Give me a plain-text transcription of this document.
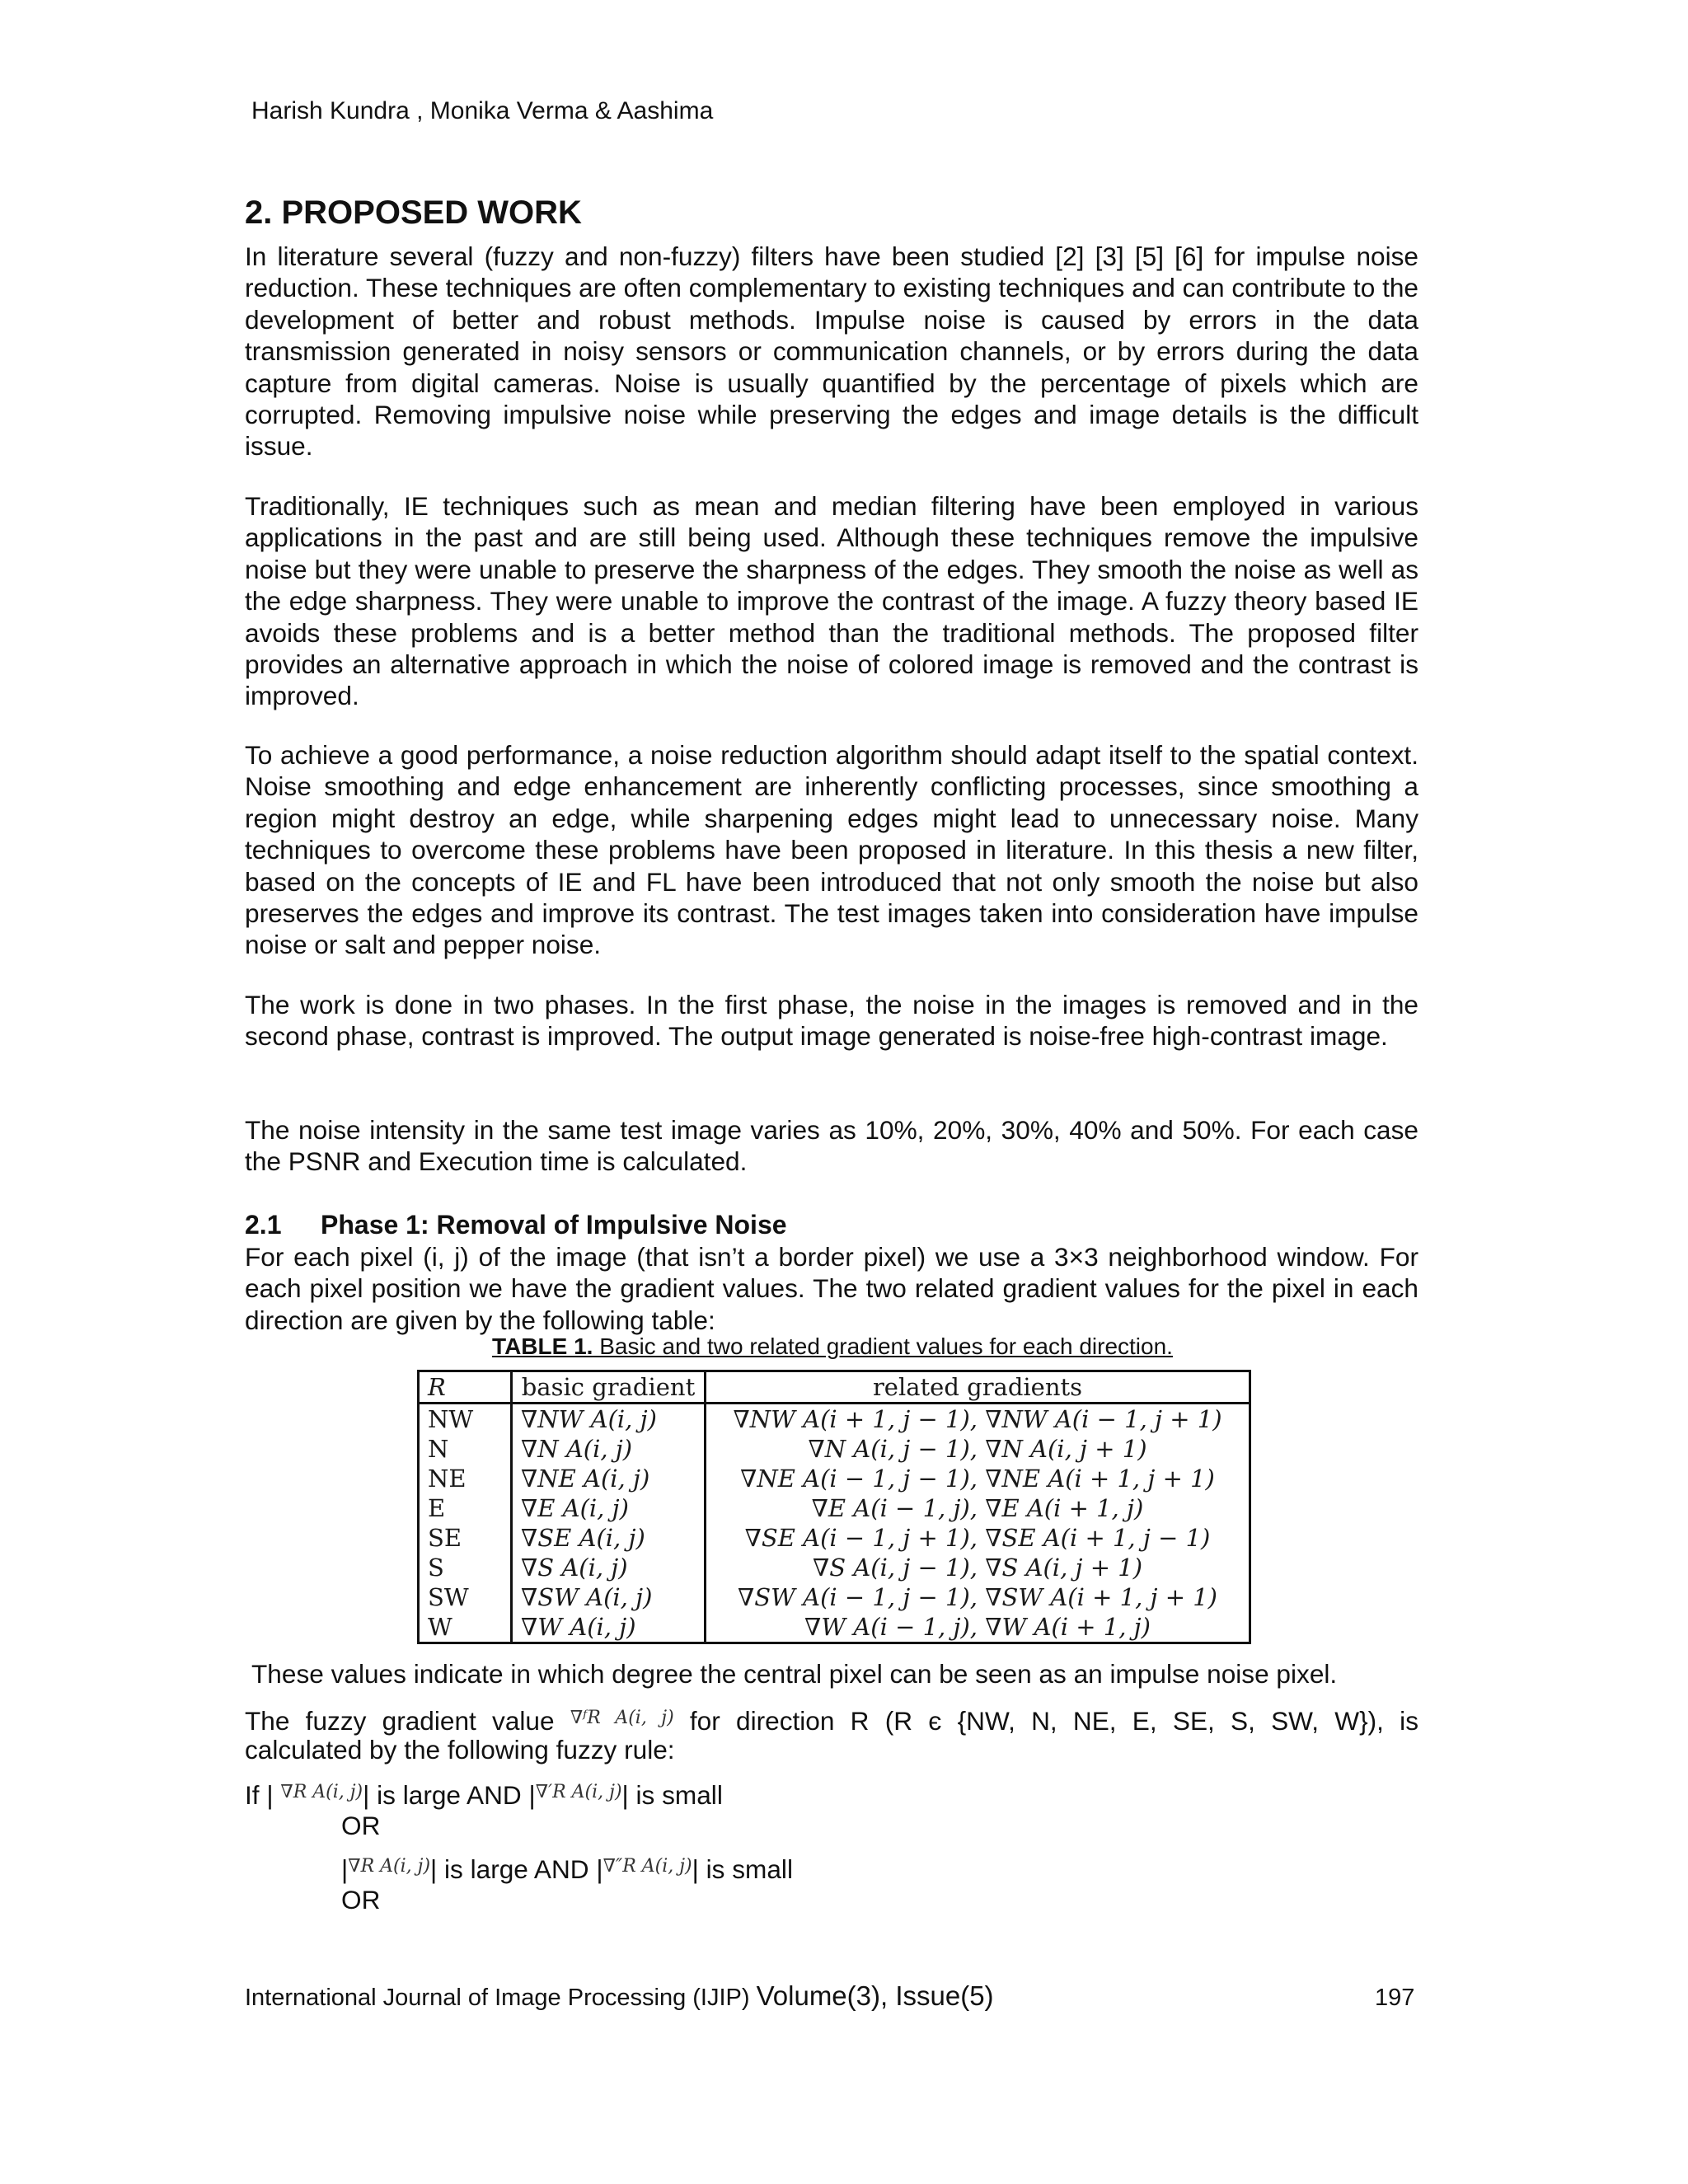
Harish Kundra , Monika Verma & Aashima
2. PROPOSED WORK

In literature several (fuzzy and non-fuzzy) filters have been studied [2] [3] [5] [6] for impulse noise reduction. These techniques are often complementary to existing techniques and can contribute to the development of better and robust methods. Impulse noise is caused by errors in the data transmission generated in noisy sensors or communication channels, or by errors during the data capture from digital cameras. Noise is usually quantified by the percentage of pixels which are corrupted. Removing impulsive noise while preserving the edges and image details is the difficult issue.

Traditionally, IE techniques such as mean and median filtering have been employed in various applications in the past and are still being used. Although these techniques remove the impulsive noise but they were unable to preserve the sharpness of the edges. They smooth the noise as well as the edge sharpness. They were unable to improve the contrast of the image. A fuzzy theory based IE avoids these problems and is a better method than the traditional methods. The proposed filter provides an alternative approach in which the noise of colored image is removed and the contrast is improved.

To achieve a good performance, a noise reduction algorithm should adapt itself to the spatial context. Noise smoothing and edge enhancement are inherently conflicting processes, since smoothing a region might destroy an edge, while sharpening edges might lead to unnecessary noise. Many techniques to overcome these problems have been proposed in literature. In this thesis a new filter, based on the concepts of IE and FL have been introduced that not only smooth the noise but also preserves the edges and improve its contrast. The test images taken into consideration have impulse noise or salt and pepper noise.

The work is done in two phases. In the first phase, the noise in the images is removed and in the second phase, contrast is improved. The output image generated is noise-free high-contrast image.

The noise intensity in the same test image varies as 10%, 20%, 30%, 40% and 50%. For each case the PSNR and Execution time is calculated.

2.1 Phase 1: Removal of Impulsive Noise

For each pixel (i, j) of the image (that isn’t a border pixel) we use a 3×3 neighborhood window. For each pixel position we have the gradient values. The two related gradient values for the pixel in each direction are given by the following table:

TABLE 1. Basic and two related gradient values for each direction.
R	basic gradient	related gradients
NW	∇NW A(i, j)	∇NW A(i + 1, j − 1), ∇NW A(i − 1, j + 1)
N	∇N A(i, j)	∇N A(i, j − 1), ∇N A(i, j + 1)
NE	∇NE A(i, j)	∇NE A(i − 1, j − 1), ∇NE A(i + 1, j + 1)
E	∇E A(i, j)	∇E A(i − 1, j), ∇E A(i + 1, j)
SE	∇SE A(i, j)	∇SE A(i − 1, j + 1), ∇SE A(i + 1, j − 1)
S	∇S A(i, j)	∇S A(i, j − 1), ∇S A(i, j + 1)
SW	∇SW A(i, j)	∇SW A(i − 1, j − 1), ∇SW A(i + 1, j + 1)
W	∇W A(i, j)	∇W A(i − 1, j), ∇W A(i + 1, j)
These values indicate in which degree the central pixel can be seen as an impulse noise pixel.
The fuzzy gradient value $^{\nabla ᶠR A(i, j)}$ for direction R (R є {NW, N, NE, E, SE, S, SW, W}), is
calculated by the following fuzzy rule:
If | $^{\nabla R A(i, j)}$| is large AND $|^{\nabla'R A(i, j)}|$ is small
OR
$|^{\nabla R A(i, j)}|$ is large AND $|^{\nabla''R A(i, j)}|$ is small
OR
International Journal of Image Processing (IJIP) Volume(3), Issue(5)	197
